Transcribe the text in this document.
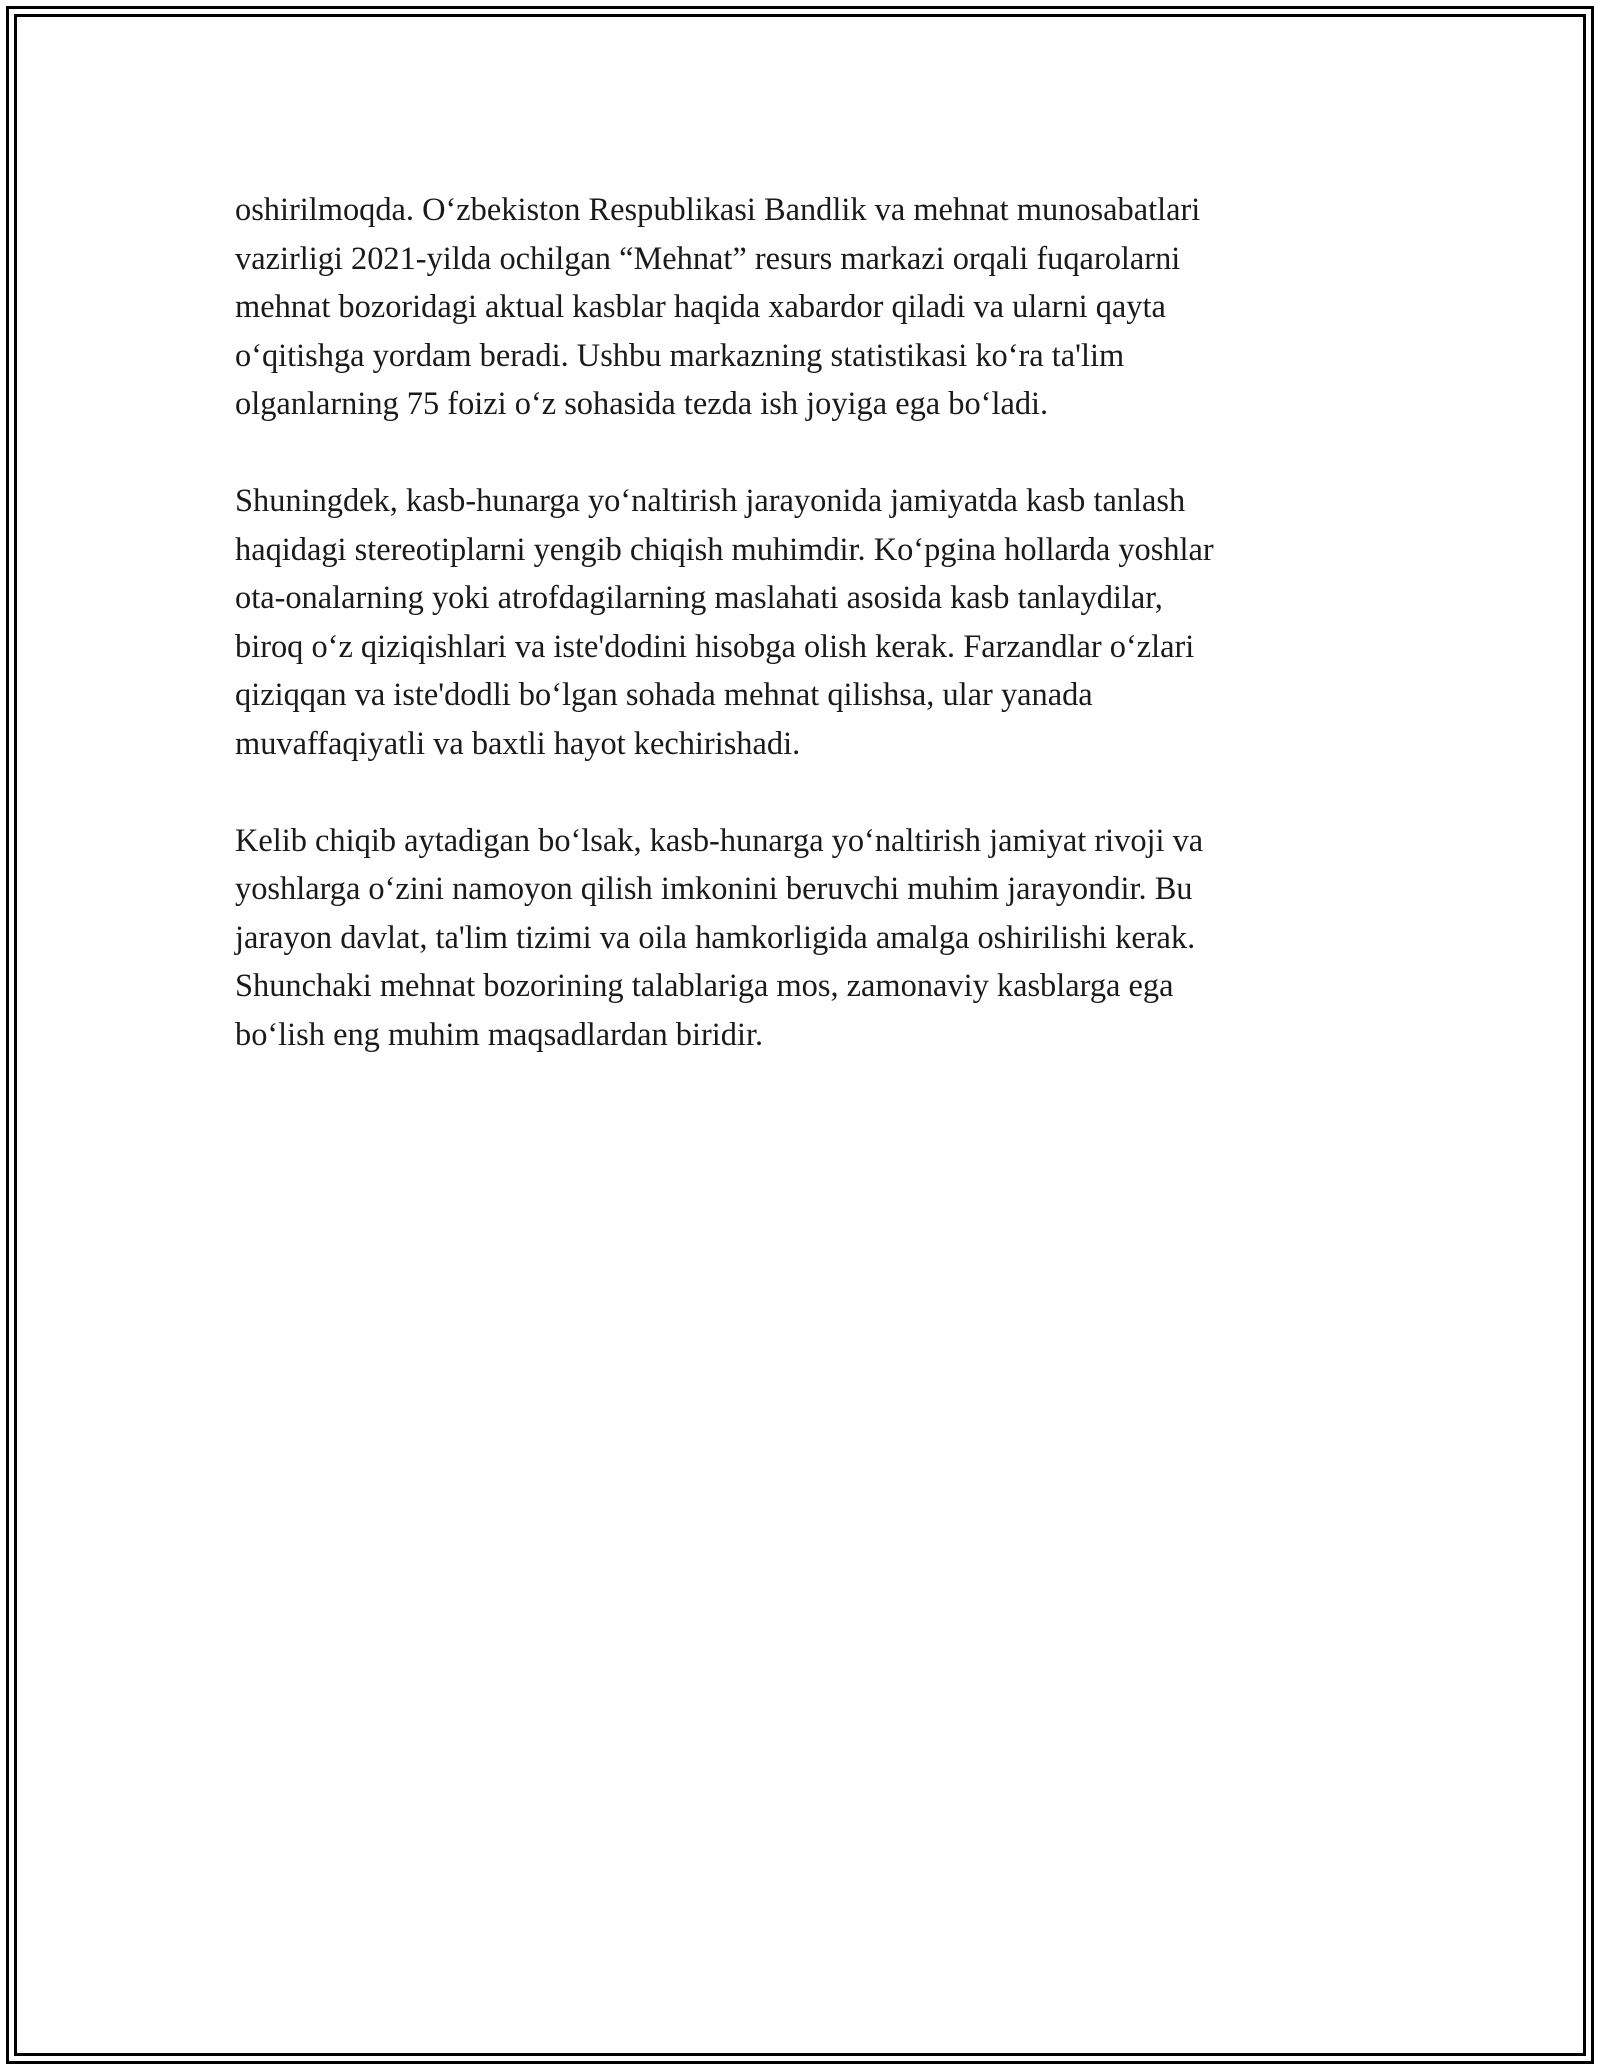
oshirilmoqda. O‘zbekiston Respublikasi Bandlik va mehnat munosabatlari
vazirligi 2021-yilda ochilgan “Mehnat” resurs markazi orqali fuqarolarni
mehnat bozoridagi aktual kasblar haqida xabardor qiladi va ularni qayta
o‘qitishga yordam beradi. Ushbu markazning statistikasi ko‘ra ta'lim
olganlarning 75 foizi o‘z sohasida tezda ish joyiga ega bo‘ladi.

Shuningdek, kasb-hunarga yo‘naltirish jarayonida jamiyatda kasb tanlash
haqidagi stereotiplarni yengib chiqish muhimdir. Ko‘pgina hollarda yoshlar
ota-onalarning yoki atrofdagilarning maslahati asosida kasb tanlaydilar,
biroq o‘z qiziqishlari va iste'dodini hisobga olish kerak. Farzandlar o‘zlari
qiziqqan va iste'dodli bo‘lgan sohada mehnat qilishsa, ular yanada
muvaffaqiyatli va baxtli hayot kechirishadi.

Kelib chiqib aytadigan bo‘lsak, kasb-hunarga yo‘naltirish jamiyat rivoji va
yoshlarga o‘zini namoyon qilish imkonini beruvchi muhim jarayondir. Bu
jarayon davlat, ta'lim tizimi va oila hamkorligida amalga oshirilishi kerak.
Shunchaki mehnat bozorining talablariga mos, zamonaviy kasblarga ega
bo‘lish eng muhim maqsadlardan biridir.
